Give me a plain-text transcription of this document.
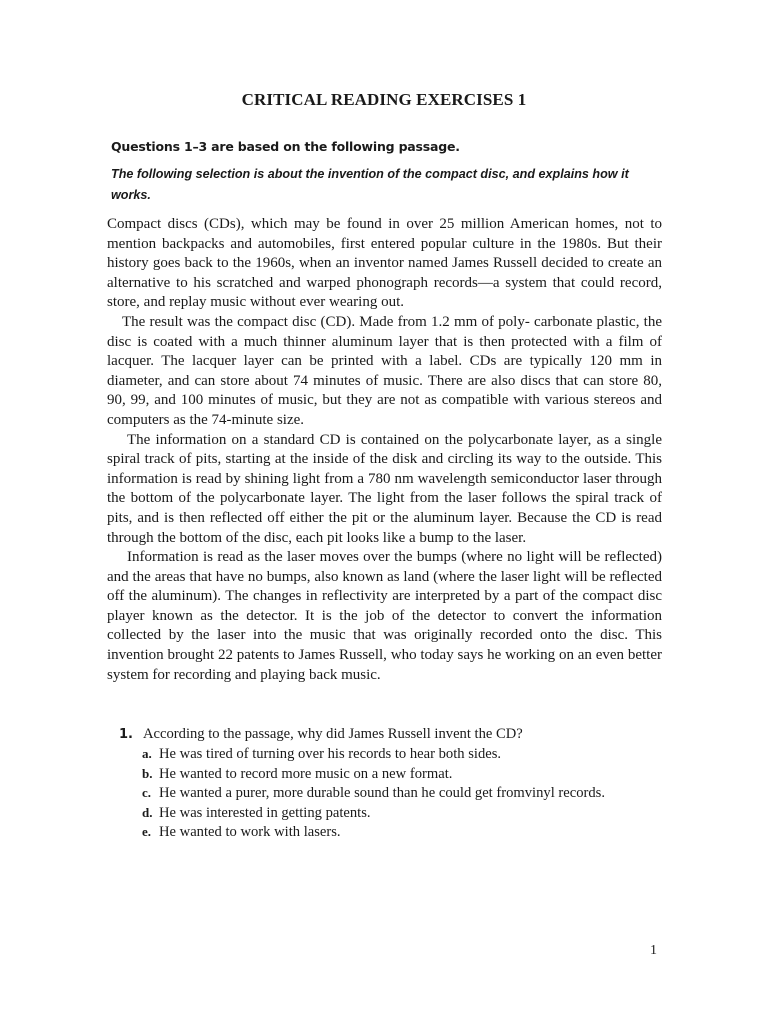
CRITICAL READING EXERCISES 1
Questions 1–3 are based on the following passage.
The following selection is about the invention of the compact disc, and explains how it works.

Compact discs (CDs), which may be found in over 25 million American homes, not to mention backpacks and automobiles, first entered popular culture in the 1980s. But their history goes back to the 1960s, when an inventor named James Russell decided to create an alternative to his scratched and warped phonograph records—a system that could record, store, and replay music without ever wearing out.

The result was the compact disc (CD). Made from 1.2 mm of poly- carbonate plastic, the disc is coated with a much thinner aluminum layer that is then protected with a film of lacquer. The lacquer layer can be printed with a label. CDs are typically 120 mm in diameter, and can store about 74 minutes of music. There are also discs that can store 80, 90, 99, and 100 minutes of music, but they are not as compatible with various stereos and computers as the 74-minute size.

The information on a standard CD is contained on the polycarbonate layer, as a single spiral track of pits, starting at the inside of the disk and circling its way to the outside. This information is read by shining light from a 780 nm wavelength semiconductor laser through the bottom of the polycarbonate layer. The light from the laser follows the spiral track of pits, and is then reflected off either the pit or the aluminum layer. Because the CD is read through the bottom of the disc, each pit looks like a bump to the laser.

Information is read as the laser moves over the bumps (where no light will be reflected) and the areas that have no bumps, also known as land (where the laser light will be reflected off the aluminum). The changes in reflectivity are interpreted by a part of the compact disc player known as the detector. It is the job of the detector to convert the information collected by the laser into the music that was originally recorded onto the disc. This invention brought 22 patents to James Russell, who today says he working on an even better system for recording and playing back music.

1. According to the passage, why did James Russell invent the CD?
a. He was tired of turning over his records to hear both sides.
b. He wanted to record more music on a new format.
c. He wanted a purer, more durable sound than he could get fromvinyl records.
d. He was interested in getting patents.
e. He wanted to work with lasers.
1
